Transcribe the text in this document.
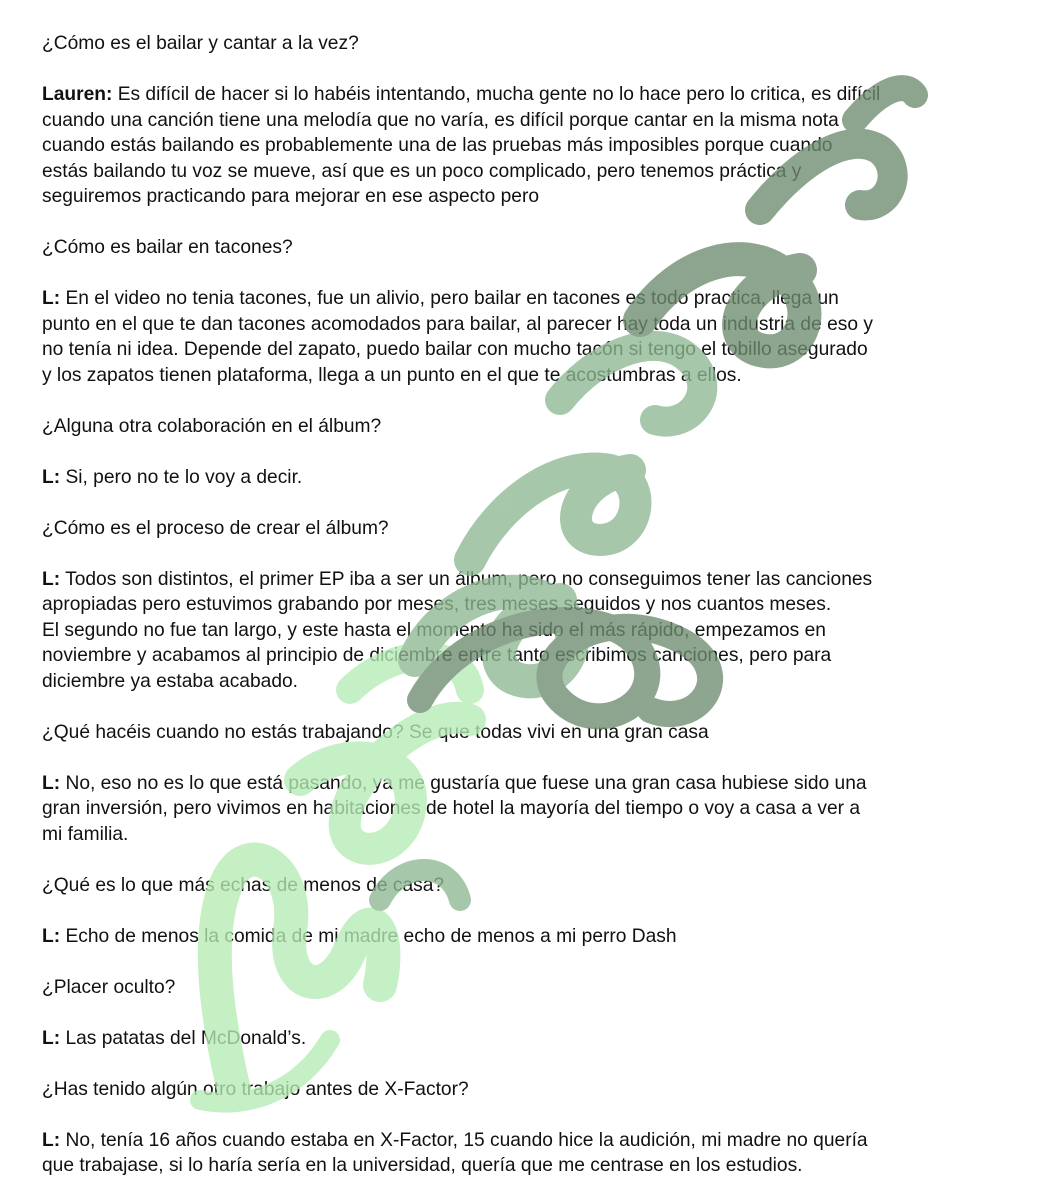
¿Cómo es el bailar y cantar a la vez?

Lauren: Es difícil de hacer si lo habéis intentando, mucha gente no lo hace pero lo critica, es difícil
cuando una canción tiene una melodía que no varía, es difícil porque cantar en la misma nota
cuando estás bailando es probablemente una de las pruebas más imposibles porque cuando
estás bailando tu voz se mueve, así que es un poco complicado, pero tenemos práctica y
seguiremos practicando para mejorar en ese aspecto pero

¿Cómo es bailar en tacones?

L: En el video no tenia tacones, fue un alivio, pero bailar en tacones es todo practica, llega un
punto en el que te dan tacones acomodados para bailar, al parecer hay toda un industria de eso y
no tenía ni idea. Depende del zapato, puedo bailar con mucho tacón si tengo el tobillo asegurado
y los zapatos tienen plataforma, llega a un punto en el que te acostumbras a ellos.

¿Alguna otra colaboración en el álbum?

L: Si, pero no te lo voy a decir.

¿Cómo es el proceso de crear el álbum?

L: Todos son distintos, el primer EP iba a ser un álbum, pero no conseguimos tener las canciones
apropiadas pero estuvimos grabando por meses, tres meses seguidos y nos cuantos meses.
El segundo no fue tan largo, y este hasta el momento ha sido el más rápido, empezamos en
noviembre y acabamos al principio de diciembre entre tanto escribimos canciones, pero para
diciembre ya estaba acabado.

¿Qué hacéis cuando no estás trabajando? Se que todas vivi en una gran casa

L: No, eso no es lo que está pasando, ya me gustaría que fuese una gran casa hubiese sido una
gran inversión, pero vivimos en habitaciones de hotel la mayoría del tiempo o voy a casa a ver a
mi familia.

¿Qué es lo que más echas de menos de casa?

L: Echo de menos la comida de mi madre echo de menos a mi perro Dash

¿Placer oculto?

L: Las patatas del McDonald’s.

¿Has tenido algún otro trabajo antes de X-Factor?

L: No, tenía 16 años cuando estaba en X-Factor, 15 cuando hice la audición, mi madre no quería
que trabajase, si lo haría sería en la universidad, quería que me centrase en los estudios.
